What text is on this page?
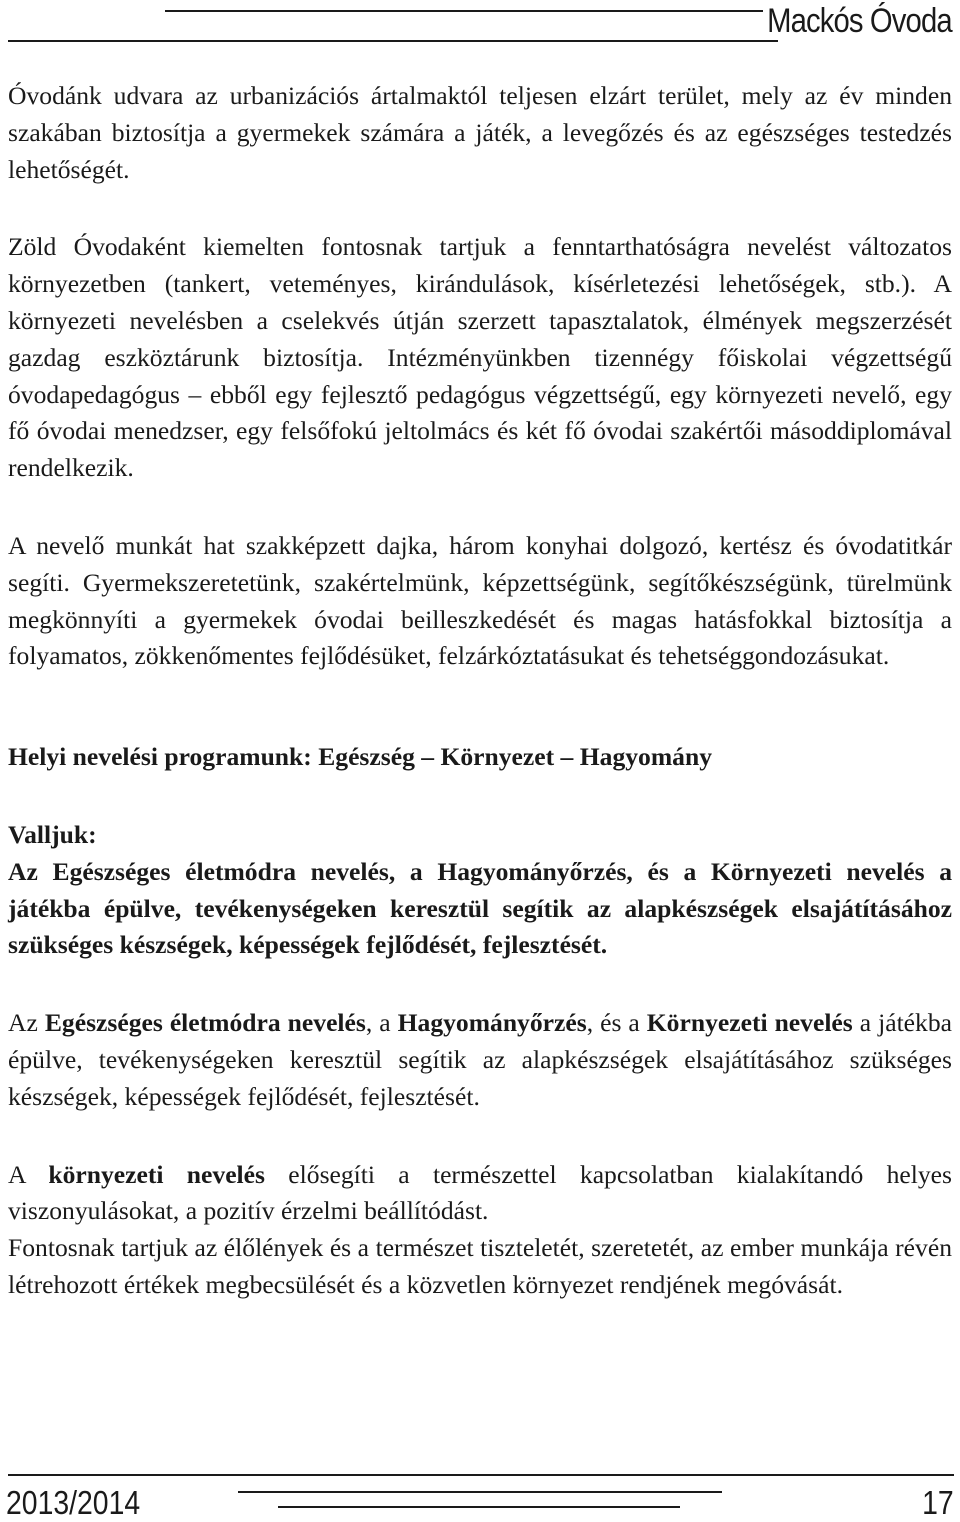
Mackós Óvoda

Óvodánk udvara az urbanizációs ártalmaktól teljesen elzárt terület, mely az év minden szakában biztosítja a gyermekek számára a játék, a levegőzés és az egészséges testedzés lehetőségét.

Zöld Óvodaként kiemelten fontosnak tartjuk a fenntarthatóságra nevelést változatos környezetben (tankert, veteményes, kirándulások, kísérletezési lehetőségek, stb.). A környezeti nevelésben a cselekvés útján szerzett tapasztalatok, élmények megszerzését gazdag eszköztárunk biztosítja. Intézményünkben tizennégy főiskolai végzettségű óvodapedagógus – ebből egy fejlesztő pedagógus végzettségű, egy környezeti nevelő, egy fő óvodai menedzser, egy felsőfokú jeltolmács és két fő óvodai szakértői másoddiplomával rendelkezik.

A nevelő munkát hat szakképzett dajka, három konyhai dolgozó, kertész és óvodatitkár segíti. Gyermekszeretetünk, szakértelmünk, képzettségünk, segítőkészségünk, türelmünk megkönnyíti a gyermekek óvodai beilleszkedését és magas hatásfokkal biztosítja a folyamatos, zökkenőmentes fejlődésüket, felzárkóztatásukat és tehetséggondozásukat.

Helyi nevelési programunk: Egészség – Környezet – Hagyomány

Valljuk:

Az Egészséges életmódra nevelés, a Hagyományőrzés, és a Környezeti nevelés a játékba épülve, tevékenységeken keresztül segítik az alapkészségek elsajátításához szükséges készségek, képességek fejlődését, fejlesztését.

Az Egészséges életmódra nevelés, a Hagyományőrzés, és a Környezeti nevelés a játékba épülve, tevékenységeken keresztül segítik az alapkészségek elsajátításához szükséges készségek, képességek fejlődését, fejlesztését.

A környezeti nevelés elősegíti a természettel kapcsolatban kialakítandó helyes viszonyulásokat, a pozitív érzelmi beállítódást.

Fontosnak tartjuk az élőlények és a természet tiszteletét, szeretetét, az ember munkája révén létrehozott értékek megbecsülését és a közvetlen környezet rendjének megóvását.

2013/2014	17
